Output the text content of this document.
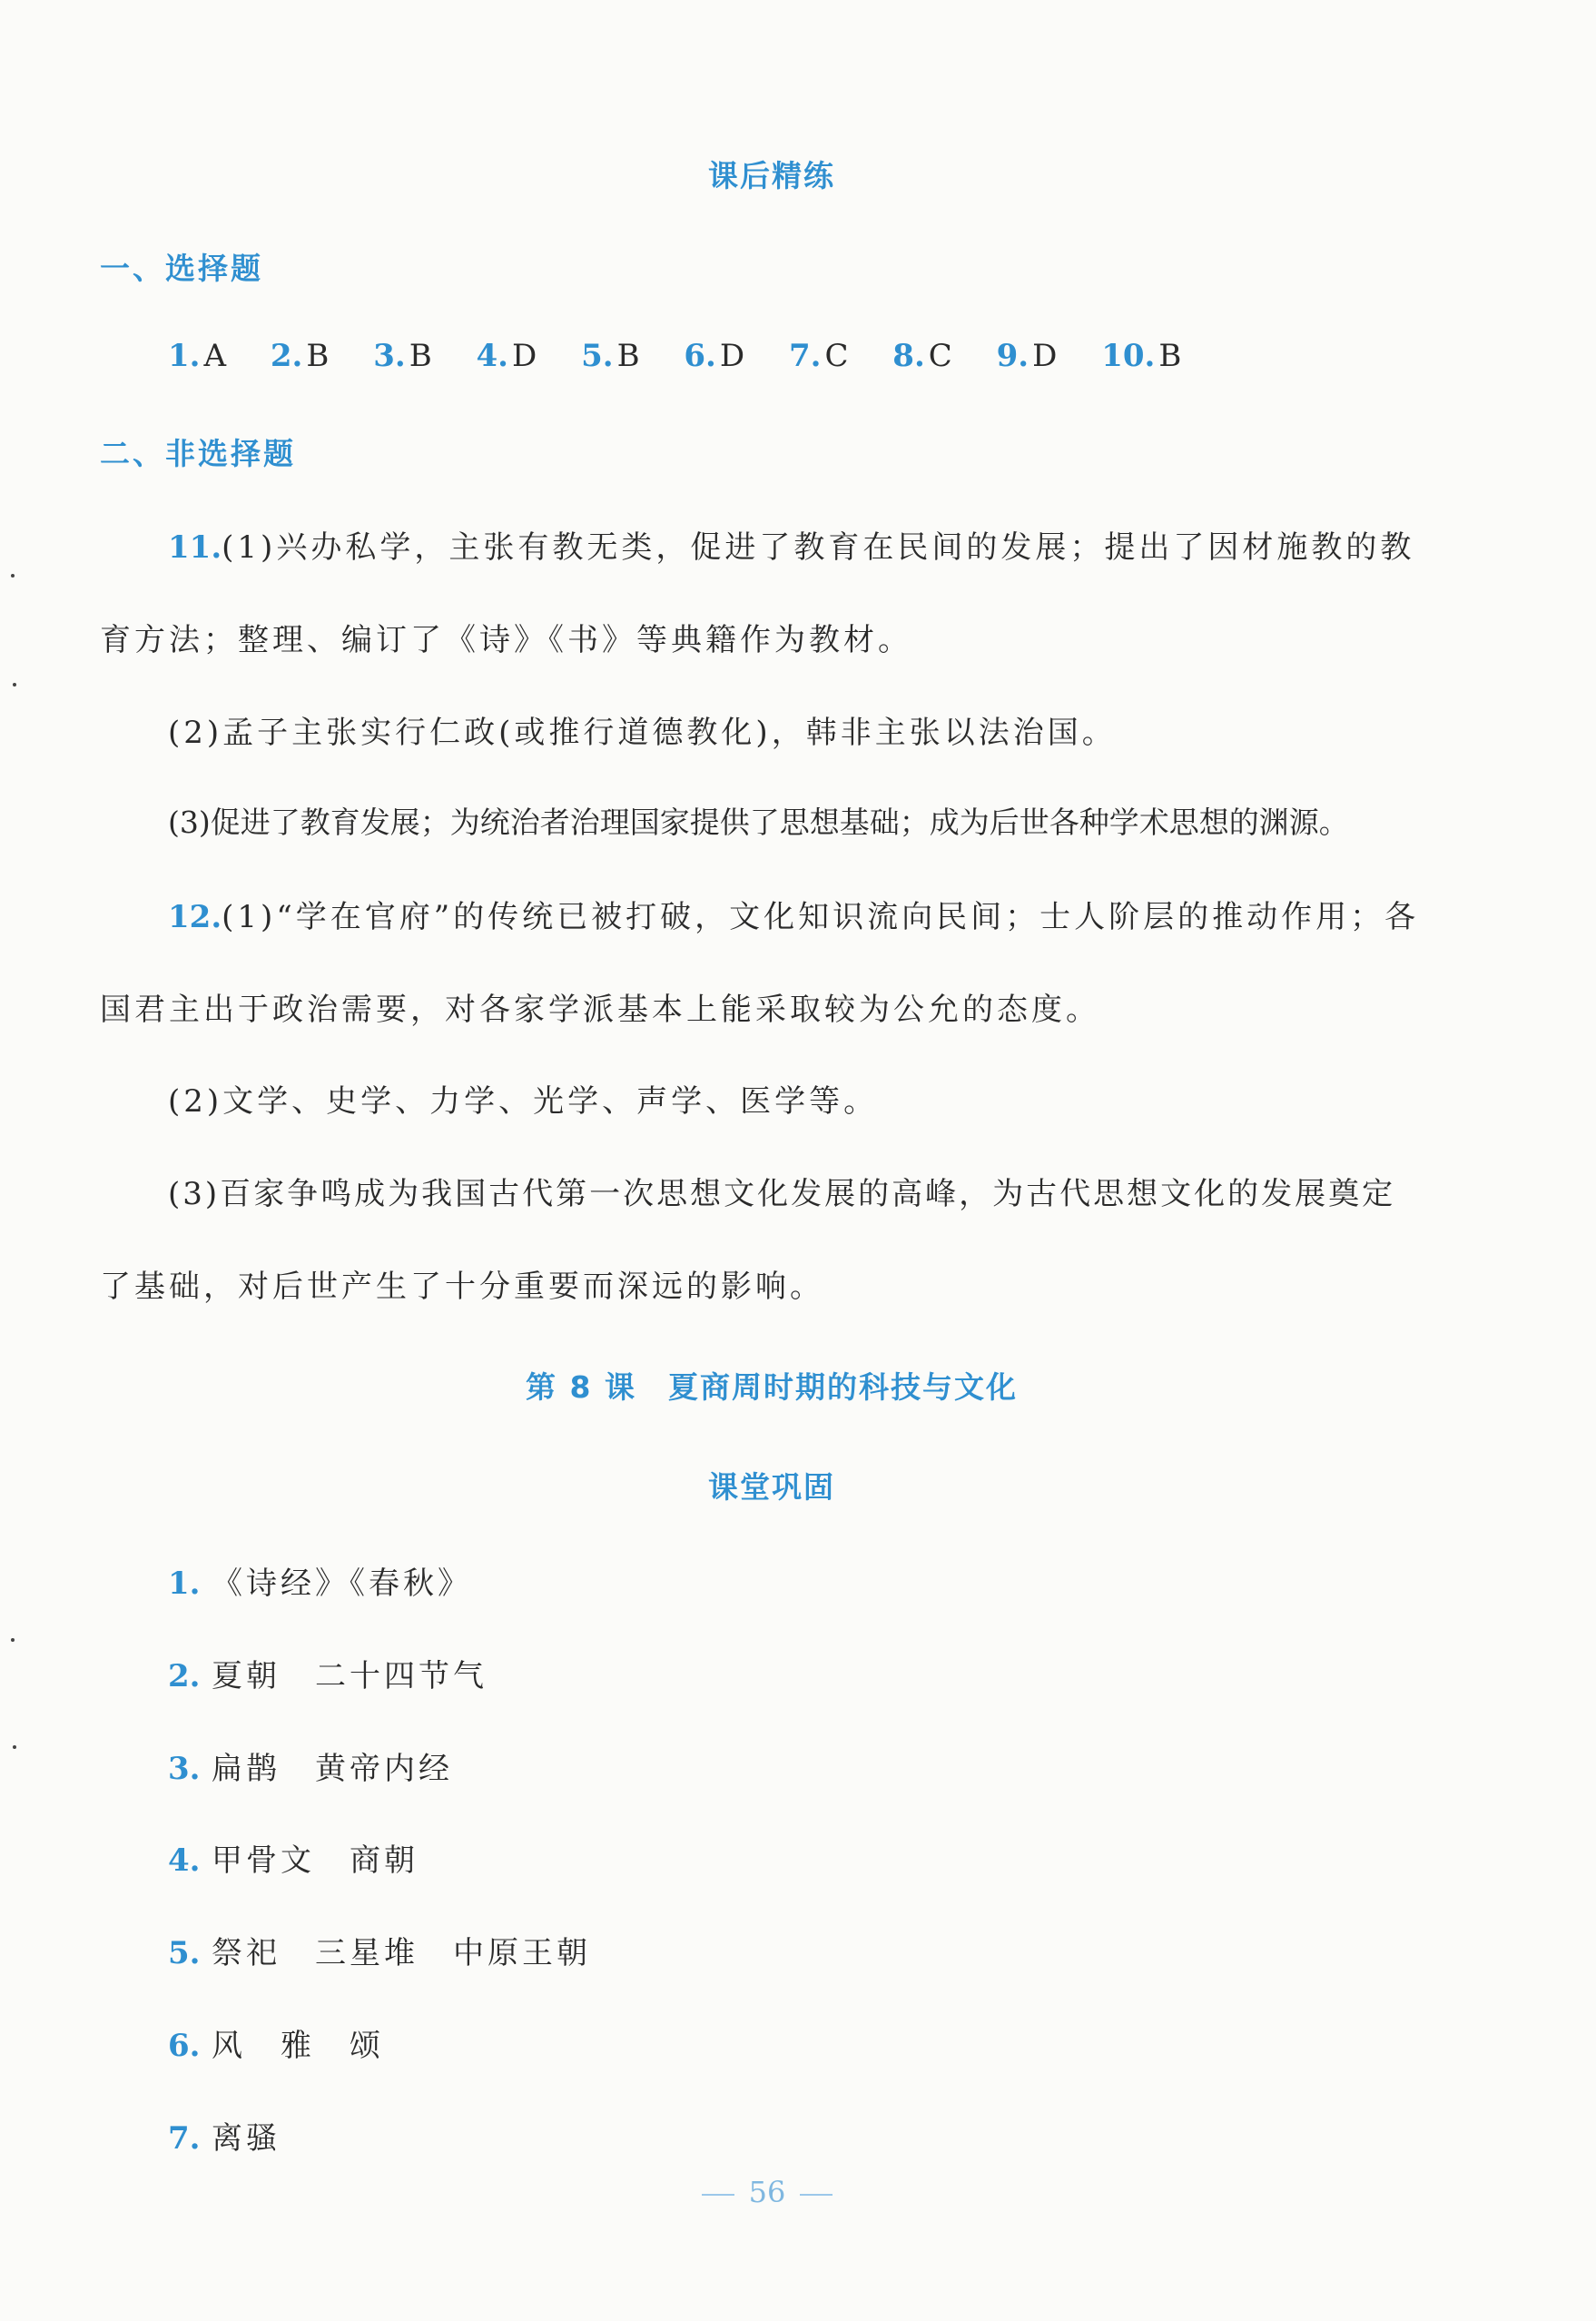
课后精练
一、选择题
1. A 2. B 3. B 4. D 5. B 6. D 7. C 8. C 9. D 10. B
二、非选择题
11.(1)兴办私学，主张有教无类，促进了教育在民间的发展；提出了因材施教的教
育方法；整理、编订了《诗》《书》等典籍作为教材。
(2)孟子主张实行仁政(或推行道德教化)，韩非主张以法治国。
(3)促进了教育发展；为统治者治理国家提供了思想基础；成为后世各种学术思想的渊源。
12.(1)“学在官府”的传统已被打破，文化知识流向民间；士人阶层的推动作用；各
国君主出于政治需要，对各家学派基本上能采取较为公允的态度。
(2)文学、史学、力学、光学、声学、医学等。
(3)百家争鸣成为我国古代第一次思想文化发展的高峰，为古代思想文化的发展奠定
了基础，对后世产生了十分重要而深远的影响。
第 8 课　夏商周时期的科技与文化
课堂巩固
1. 《诗经》《春秋》
2. 夏朝　二十四节气
3. 扁鹊　黄帝内经
4. 甲骨文　商朝
5. 祭祀　三星堆　中原王朝
6. 风　雅　颂
7. 离骚
56
